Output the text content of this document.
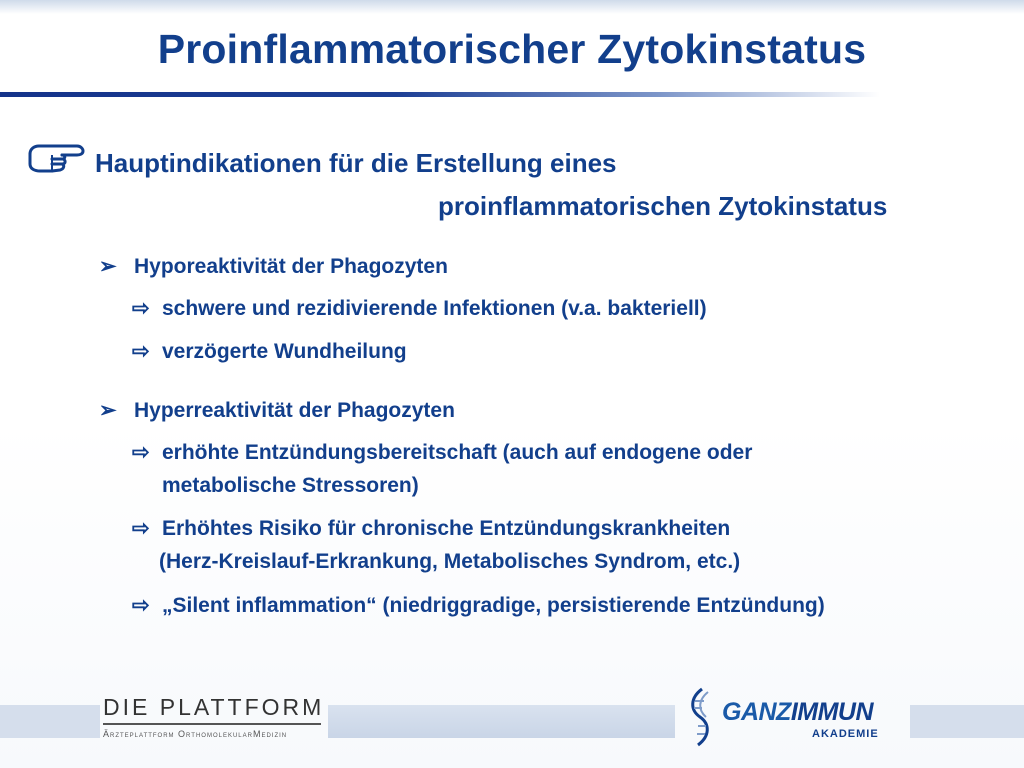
Proinflammatorischer Zytokinstatus
Hauptindikationen für die Erstellung eines
proinflammatorischen Zytokinstatus
➢ Hyporeaktivität der Phagozyten
⇨ schwere und rezidivierende Infektionen (v.a. bakteriell)
⇨ verzögerte Wundheilung
➢ Hyperreaktivität der Phagozyten
⇨ erhöhte Entzündungsbereitschaft (auch auf endogene oder
metabolische Stressoren)
⇨ Erhöhtes Risiko für chronische Entzündungskrankheiten
(Herz-Kreislauf-Erkrankung, Metabolisches Syndrom, etc.)
⇨ „Silent inflammation“ (niedriggradige, persistierende Entzündung)
DIE PLATTFORM
Ärzteplattform OrthomolekularMedizin
GANZIMMUN
AKADEMIE
